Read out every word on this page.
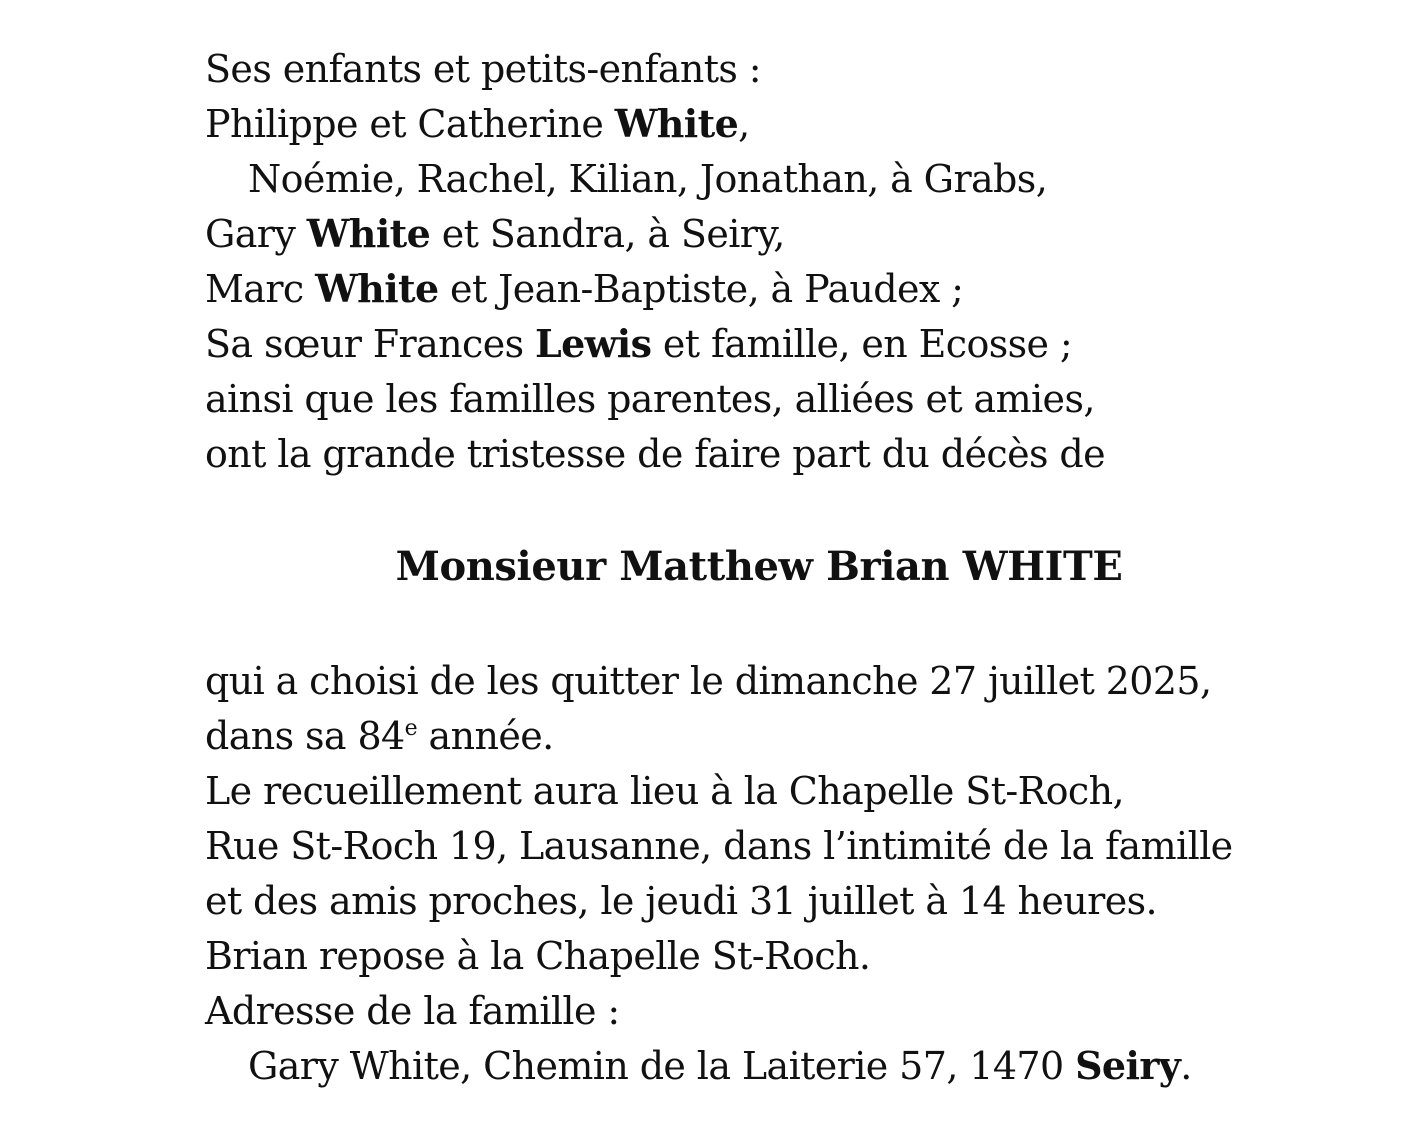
Ses enfants et petits-enfants :
Philippe et Catherine White,
Noémie, Rachel, Kilian, Jonathan, à Grabs,
Gary White et Sandra, à Seiry,
Marc White et Jean-Baptiste, à Paudex ;
Sa sœur Frances Lewis et famille, en Ecosse ;
ainsi que les familles parentes, alliées et amies,
ont la grande tristesse de faire part du décès de
Monsieur Matthew Brian WHITE
qui a choisi de les quitter le dimanche 27 juillet 2025,
dans sa 84e année.
Le recueillement aura lieu à la Chapelle St-Roch,
Rue St-Roch 19, Lausanne, dans l’intimité de la famille
et des amis proches, le jeudi 31 juillet à 14 heures.
Brian repose à la Chapelle St-Roch.
Adresse de la famille :
Gary White, Chemin de la Laiterie 57, 1470 Seiry.
